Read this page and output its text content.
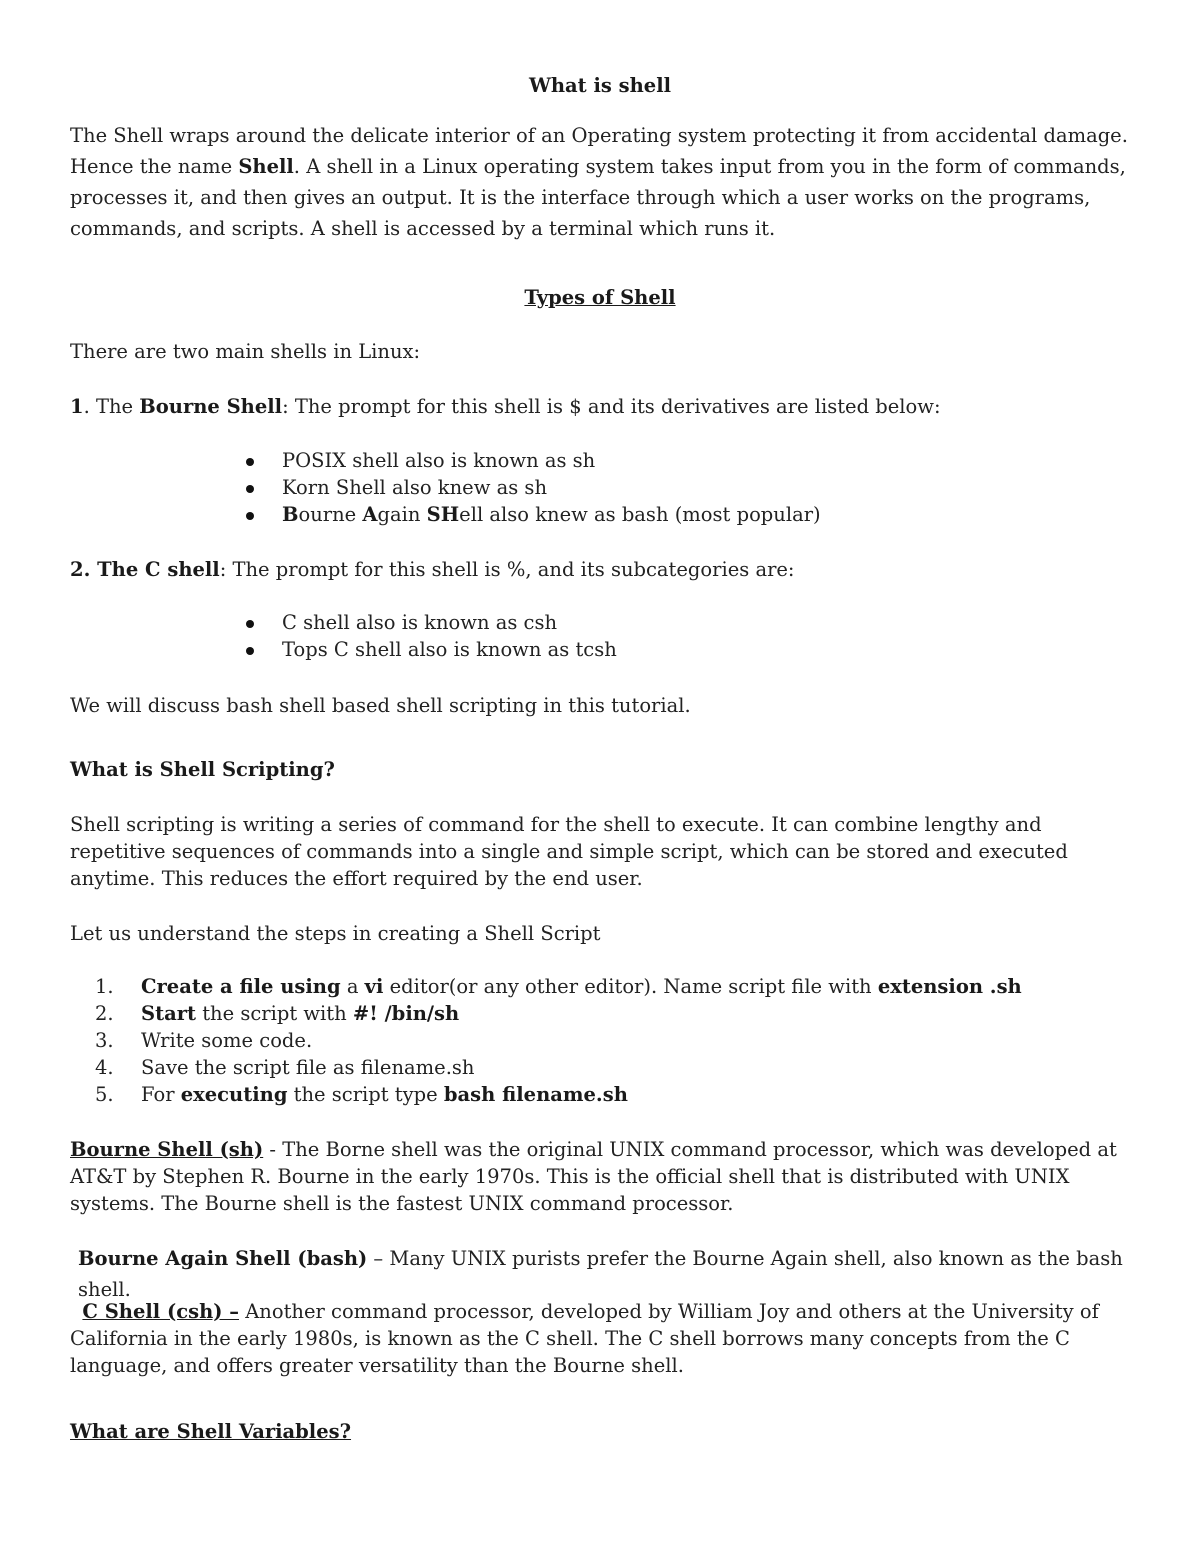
What is shell

The Shell wraps around the delicate interior of an Operating system protecting it from accidental damage. Hence the name Shell. A shell in a Linux operating system takes input from you in the form of commands, processes it, and then gives an output. It is the interface through which a user works on the programs, commands, and scripts. A shell is accessed by a terminal which runs it.

Types of Shell

There are two main shells in Linux:

1. The Bourne Shell: The prompt for this shell is $ and its derivatives are listed below:

POSIX shell also is known as sh
Korn Shell also knew as sh
Bourne Again SHell also knew as bash (most popular)

2. The C shell: The prompt for this shell is %, and its subcategories are:

C shell also is known as csh
Tops C shell also is known as tcsh

We will discuss bash shell based shell scripting in this tutorial.

What is Shell Scripting?

Shell scripting is writing a series of command for the shell to execute. It can combine lengthy and repetitive sequences of commands into a single and simple script, which can be stored and executed anytime. This reduces the effort required by the end user.

Let us understand the steps in creating a Shell Script

1. Create a file using a vi editor(or any other editor). Name script file with extension .sh
2. Start the script with #! /bin/sh
3. Write some code.
4. Save the script file as filename.sh
5. For executing the script type bash filename.sh

Bourne Shell (sh) - The Borne shell was the original UNIX command processor, which was developed at AT&T by Stephen R. Bourne in the early 1970s. This is the official shell that is distributed with UNIX systems. The Bourne shell is the fastest UNIX command processor.

Bourne Again Shell (bash) – Many UNIX purists prefer the Bourne Again shell, also known as the bash shell.

C Shell (csh) – Another command processor, developed by William Joy and others at the University of California in the early 1980s, is known as the C shell. The C shell borrows many concepts from the C language, and offers greater versatility than the Bourne shell.

What are Shell Variables?
